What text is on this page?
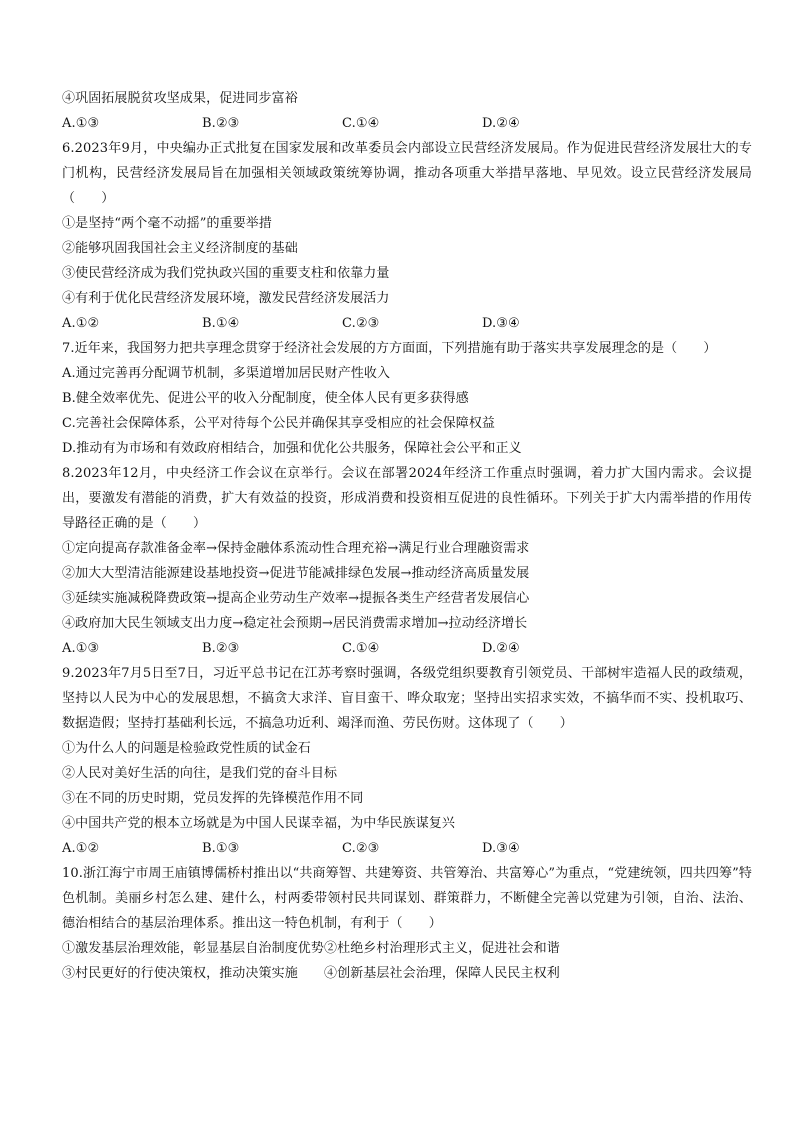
④巩固拓展脱贫攻坚成果，促进同步富裕

A.①③	B.②③	C.①④	D.②④

6.2023年9月，中央编办正式批复在国家发展和改革委员会内部设立民营经济发展局。作为促进民营经济发展壮大的专门机构，民营经济发展局旨在加强相关领域政策统筹协调，推动各项重大举措早落地、早见效。设立民营经济发展局（　　）

①是坚持“两个毫不动摇”的重要举措

②能够巩固我国社会主义经济制度的基础

③使民营经济成为我们党执政兴国的重要支柱和依靠力量

④有利于优化民营经济发展环境，激发民营经济发展活力

A.①②	B.①④	C.②③	D.③④

7.近年来，我国努力把共享理念贯穿于经济社会发展的方方面面，下列措施有助于落实共享发展理念的是（　　）

A.通过完善再分配调节机制，多渠道增加居民财产性收入

B.健全效率优先、促进公平的收入分配制度，使全体人民有更多获得感

C.完善社会保障体系，公平对待每个公民并确保其享受相应的社会保障权益

D.推动有为市场和有效政府相结合，加强和优化公共服务，保障社会公平和正义

8.2023年12月，中央经济工作会议在京举行。会议在部署2024年经济工作重点时强调，着力扩大国内需求。会议提出，要激发有潜能的消费，扩大有效益的投资，形成消费和投资相互促进的良性循环。下列关于扩大内需举措的作用传导路径正确的是（　　）

①定向提高存款准备金率→保持金融体系流动性合理充裕→满足行业合理融资需求

②加大大型清洁能源建设基地投资→促进节能减排绿色发展→推动经济高质量发展

③延续实施减税降费政策→提高企业劳动生产效率→提振各类生产经营者发展信心

④政府加大民生领域支出力度→稳定社会预期→居民消费需求增加→拉动经济增长

A.①③	B.②③	C.①④	D.②④

9.2023年7月5日至7日，习近平总书记在江苏考察时强调，各级党组织要教育引领党员、干部树牢造福人民的政绩观，坚持以人民为中心的发展思想，不搞贪大求洋、盲目蛮干、哗众取宠；坚持出实招求实效，不搞华而不实、投机取巧、数据造假；坚持打基础利长远，不搞急功近利、竭泽而渔、劳民伤财。这体现了（　　）

①为什么人的问题是检验政党性质的试金石

②人民对美好生活的向往，是我们党的奋斗目标

③在不同的历史时期，党员发挥的先锋模范作用不同

④中国共产党的根本立场就是为中国人民谋幸福，为中华民族谋复兴

A.①②	B.①③	C.②③	D.③④

10.浙江海宁市周王庙镇博儒桥村推出以“共商筹智、共建筹资、共管筹治、共富筹心”为重点，“党建统领，四共四筹”特色机制。美丽乡村怎么建、建什么，村两委带领村民共同谋划、群策群力，不断健全完善以党建为引领，自治、法治、德治相结合的基层治理体系。推出这一特色机制，有利于（　　）

①激发基层治理效能，彰显基层自治制度优势②杜绝乡村治理形式主义，促进社会和谐

③村民更好的行使决策权，推动决策实施　　④创新基层社会治理，保障人民民主权利
